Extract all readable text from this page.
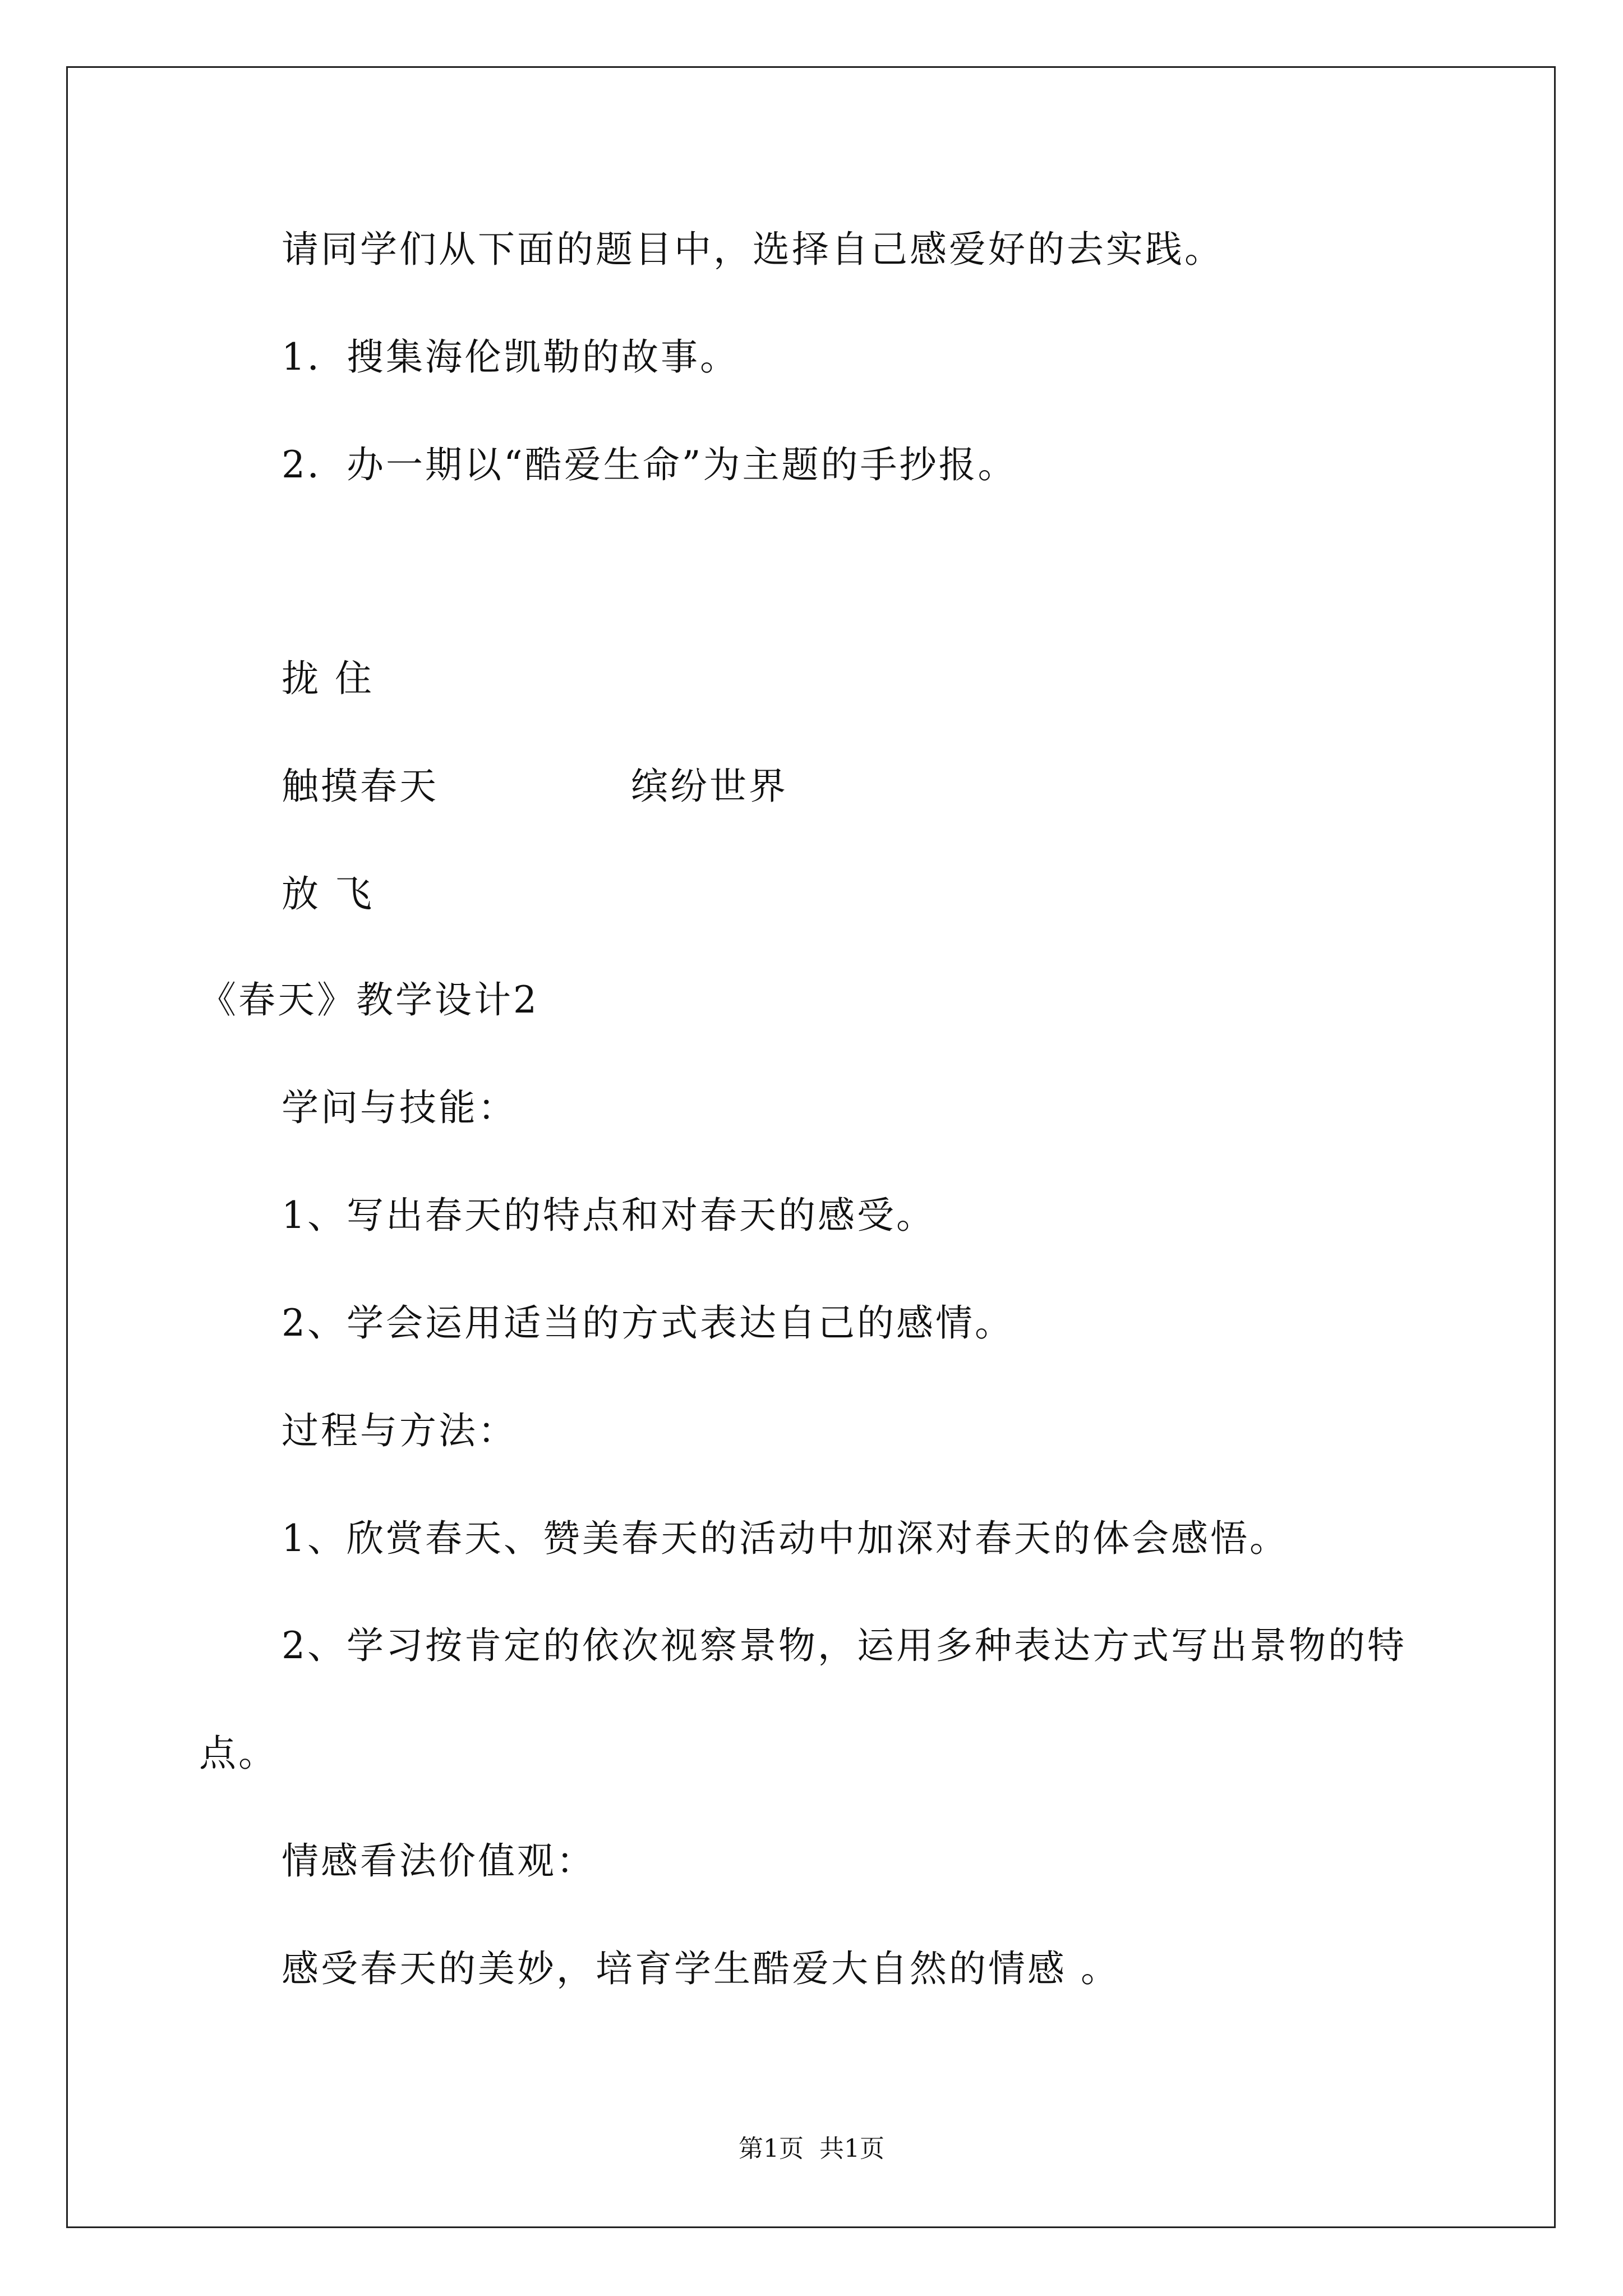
请同学们从下面的题目中，选择自己感爱好的去实践。
1．搜集海伦凯勒的故事。
2．办一期以“酷爱生命”为主题的手抄报。
拢 住
触摸春天	缤纷世界
放 飞
《春天》教学设计2
学问与技能：
1、写出春天的特点和对春天的感受。
2、学会运用适当的方式表达自己的感情。
过程与方法：
1、欣赏春天、赞美春天的活动中加深对春天的体会感悟。
2、学习按肯定的依次视察景物，运用多种表达方式写出景物的特
点。
情感看法价值观：
感受春天的美妙，培育学生酷爱大自然的情感 。
第1页 共1页
